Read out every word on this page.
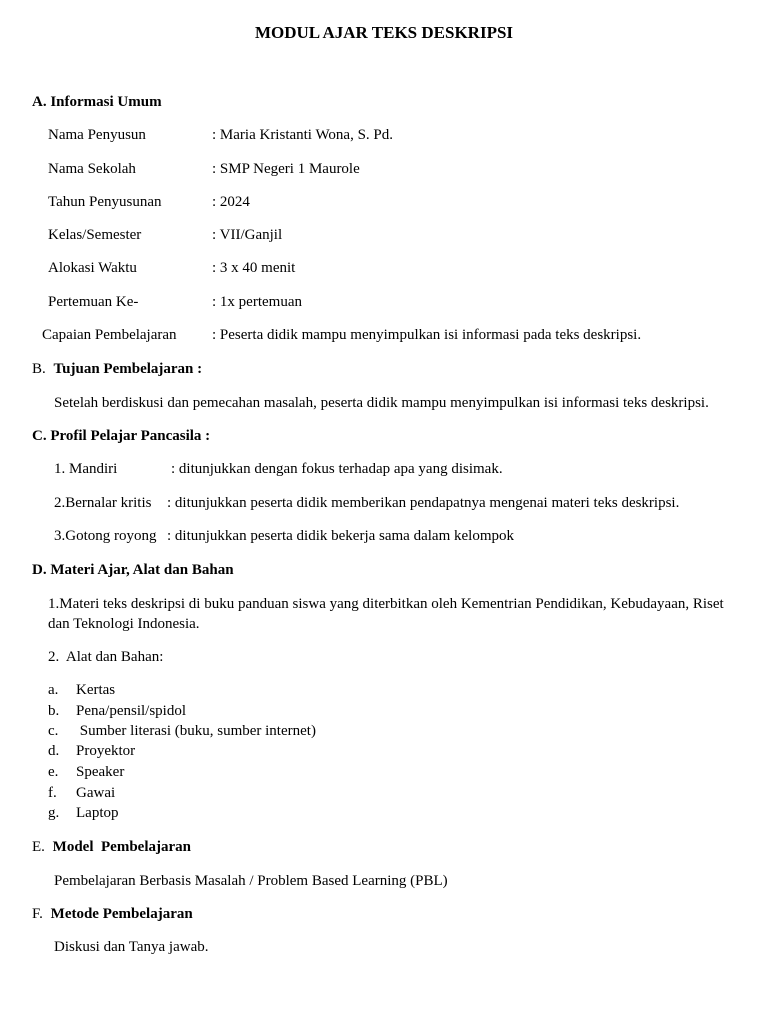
MODUL AJAR TEKS DESKRIPSI
A. Informasi Umum
Nama Penyusun	: Maria Kristanti Wona, S. Pd.
Nama Sekolah	: SMP Negeri 1 Maurole
Tahun Penyusunan	: 2024
Kelas/Semester	: VII/Ganjil
Alokasi Waktu	: 3 x 40 menit
Pertemuan Ke-	: 1x pertemuan
Capaian Pembelajaran : Peserta didik mampu menyimpulkan isi informasi pada teks deskripsi.
B. Tujuan Pembelajaran :
Setelah berdiskusi dan pemecahan masalah, peserta didik mampu menyimpulkan isi informasi teks deskripsi.
C. Profil Pelajar Pancasila :
1. Mandiri	: ditunjukkan dengan fokus terhadap apa yang disimak.
2.Bernalar kritis : ditunjukkan peserta didik memberikan pendapatnya mengenai materi teks deskripsi.
3.Gotong royong : ditunjukkan peserta didik bekerja sama dalam kelompok
D. Materi Ajar, Alat dan Bahan
1.Materi teks deskripsi di buku panduan siswa yang diterbitkan oleh Kementrian Pendidikan, Kebudayaan, Riset dan Teknologi Indonesia.
2.  Alat dan Bahan:
a. Kertas
b. Pena/pensil/spidol
c. Sumber literasi (buku, sumber internet)
d. Proyektor
e. Speaker
f. Gawai
g. Laptop
E. Model  Pembelajaran
Pembelajaran Berbasis Masalah / Problem Based Learning (PBL)
F. Metode Pembelajaran
Diskusi dan Tanya jawab.
